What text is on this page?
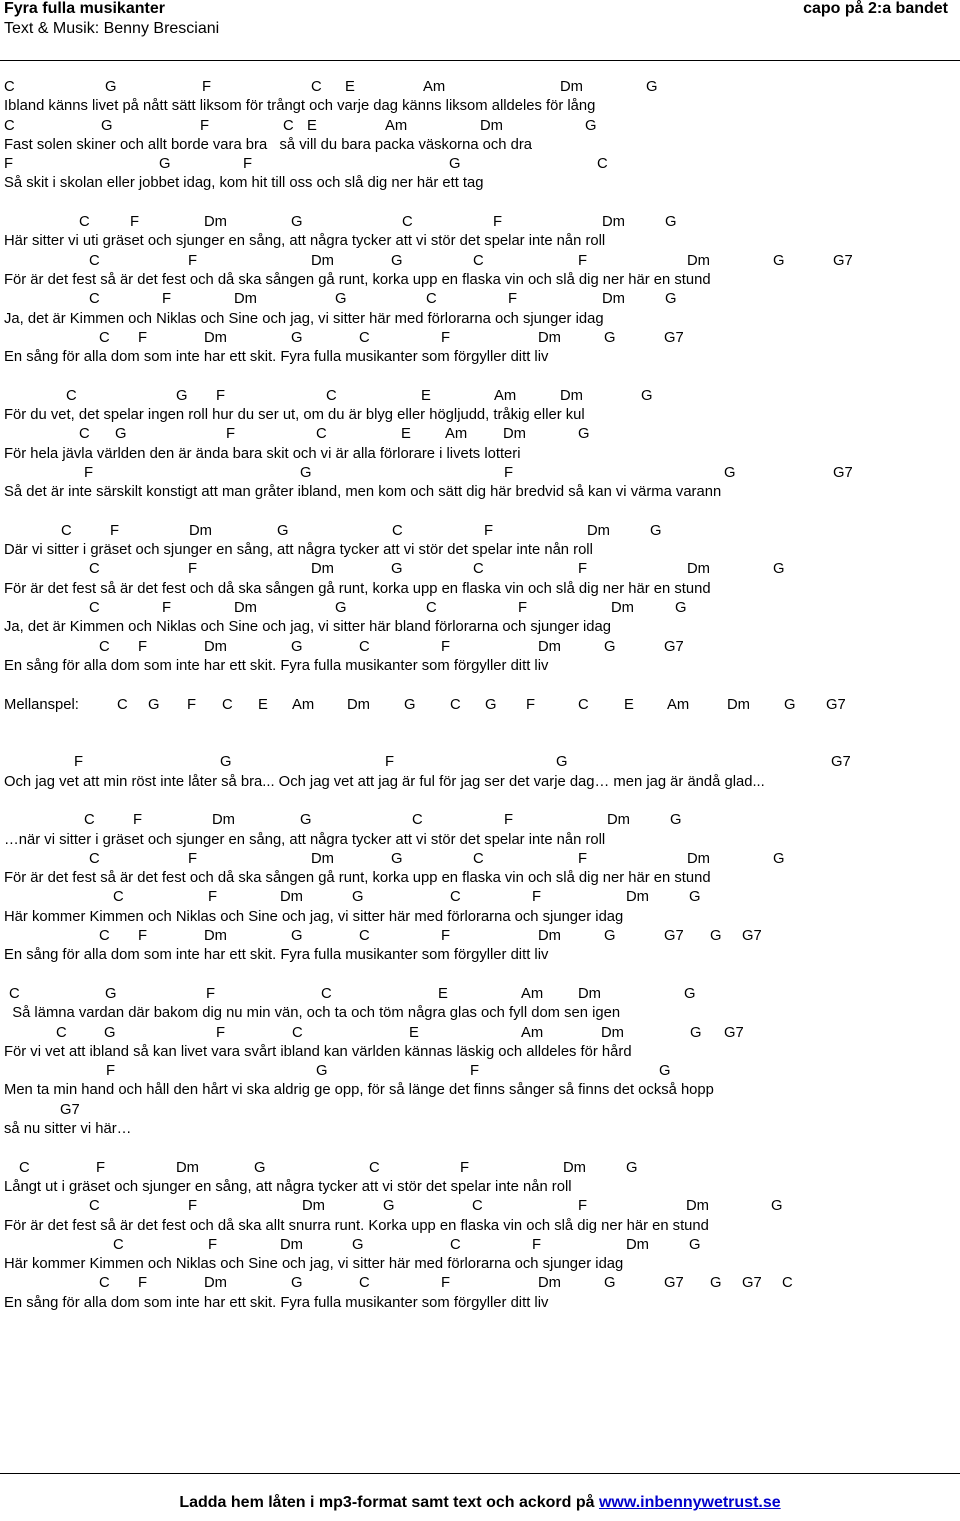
Fyra fulla musikanter
Text & Musik: Benny Bresciani
capo på 2:a bandet
C	G	F	C E	Am	Dm	G
Ibland känns livet på nått sätt liksom för trångt och varje dag känns liksom alldeles för lång
C	G	F	C E	Am	Dm	G
Fast solen skiner och allt borde vara bra   så vill du bara packa väskorna och dra
F	G	F	G	C
Så skit i skolan eller jobbet idag, kom hit till oss och slå dig ner här ett tag
C	F	Dm	G	C	F	Dm	G
Här sitter vi uti gräset och sjunger en sång, att några tycker att vi stör det spelar inte nån roll
C	F	Dm	G	C	F	Dm	G	G7
För är det fest så är det fest och då ska sången gå runt, korka upp en flaska vin och slå dig ner här en stund
C	F	Dm	G	C	F	Dm	G
Ja, det är Kimmen och Niklas och Sine och jag, vi sitter här med förlorarna och sjunger idag
C F	Dm	G	C	F	Dm	G	G7
En sång för alla dom som inte har ett skit. Fyra fulla musikanter som förgyller ditt liv
C	G F	C	E	Am	Dm	G
För du vet, det spelar ingen roll hur du ser ut, om du är blyg eller högljudd, tråkig eller kul
C G	F	C	E Am Dm	G
För hela jävla världen den är ända bara skit och vi är alla förlorare i livets lotteri
F	G	F	G	G7
Så det är inte särskilt konstigt att man gråter ibland, men kom och sätt dig här bredvid så kan vi värma varann
C	F	Dm	G	C	F	Dm	G
Där vi sitter i gräset och sjunger en sång, att några tycker att vi stör det spelar inte nån roll
C	F	Dm	G	C	F	Dm	G
För är det fest så är det fest och då ska sången gå runt, korka upp en flaska vin och slå dig ner här en stund
C	F	Dm	G	C	F	Dm	G
Ja, det är Kimmen och Niklas och Sine och jag, vi sitter här bland förlorarna och sjunger idag
C F	Dm	G	C	F	Dm	G	G7
En sång för alla dom som inte har ett skit. Fyra fulla musikanter som förgyller ditt liv
Mellanspel:	C G F C E Am Dm G C G F	C E Am	Dm G G7
F	G	F	G	G7
Och jag vet att min röst inte låter så bra... Och jag vet att jag är ful för jag ser det varje dag… men jag är ändå glad...
C	F	Dm	G	C	F	Dm	G
…när vi sitter i gräset och sjunger en sång, att några tycker att vi stör det spelar inte nån roll
C	F	Dm	G	C	F	Dm	G
För är det fest så är det fest och då ska sången gå runt, korka upp en flaska vin och slå dig ner här en stund
C	F	Dm	G	C	F	Dm	G
Här kommer Kimmen och Niklas och Sine och jag, vi sitter här med förlorarna och sjunger idag
C F	Dm	G	C	F	Dm	G	G7 G G7
En sång för alla dom som inte har ett skit. Fyra fulla musikanter som förgyller ditt liv
C	G	F	C	E	Am Dm	G
Så lämna vardan där bakom dig nu min vän, och ta och töm några glas och fyll dom sen igen
C	G	F	C	E	Am	Dm	G G7
För vi vet att ibland så kan livet vara svårt ibland kan världen kännas läskig och alldeles för hård
F	G	F	G
Men ta min hand och håll den hårt vi ska aldrig ge opp, för så länge det finns sånger så finns det också hopp
G7
så nu sitter vi här…
C	F	Dm	G	C	F	Dm	G
Långt ut i gräset och sjunger en sång, att några tycker att vi stör det spelar inte nån roll
C	F	Dm	G	C	F	Dm	G
För är det fest så är det fest och då ska allt snurra runt. Korka upp en flaska vin och slå dig ner här en stund
C	F	Dm	G	C	F	Dm	G
Här kommer Kimmen och Niklas och Sine och jag, vi sitter här med förlorarna och sjunger idag
C F	Dm	G	C	F	Dm	G	G7 G G7 C
En sång för alla dom som inte har ett skit. Fyra fulla musikanter som förgyller ditt liv
Ladda hem låten i mp3-format samt text och ackord på www.inbennywetrust.se
